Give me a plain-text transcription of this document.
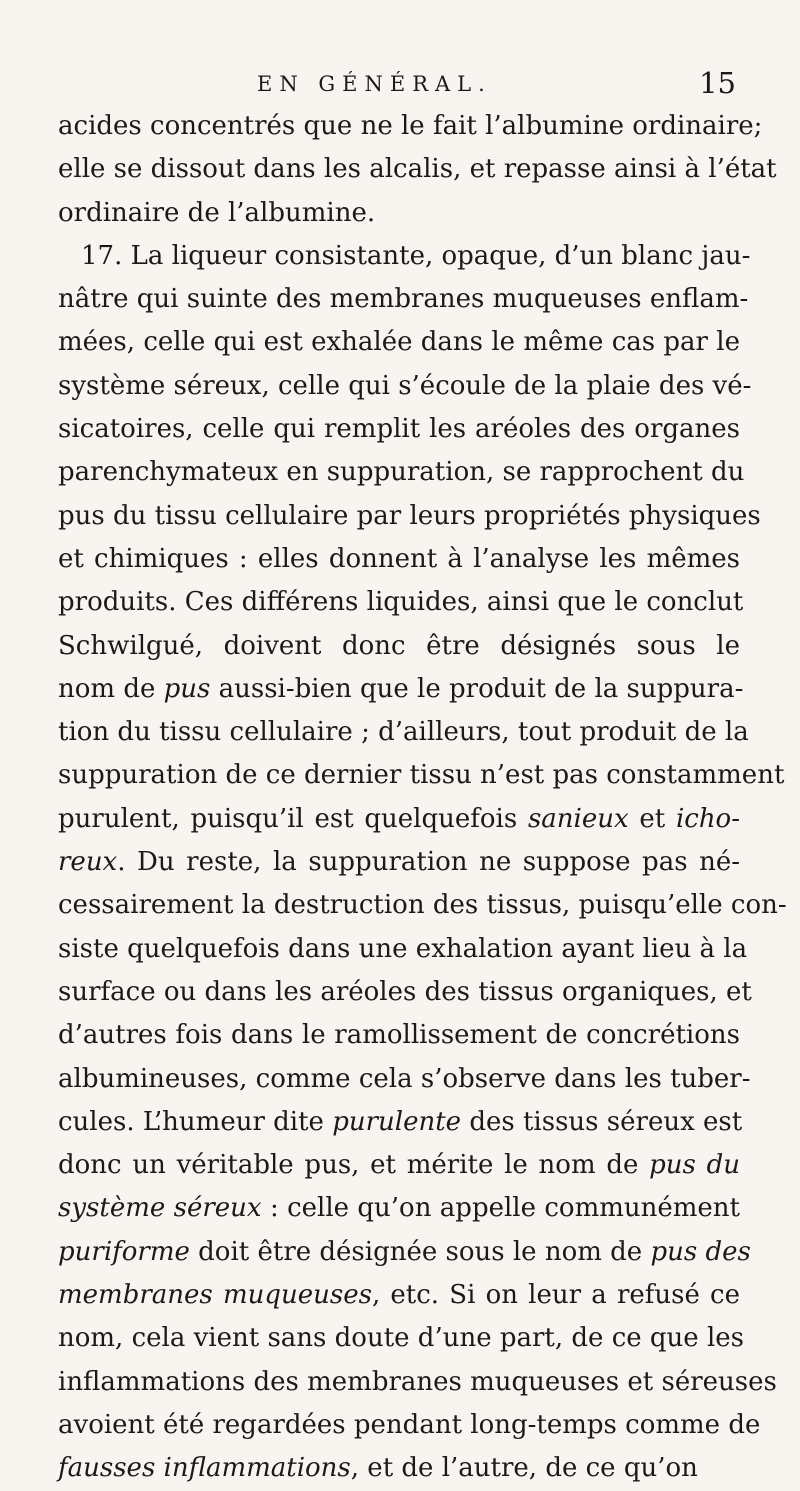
EN GÉNÉRAL.	15
acides concentrés que ne le fait l’albumine ordinaire;
elle se dissout dans les alcalis, et repasse ainsi à l’état
ordinaire de l’albumine.
17. La liqueur consistante, opaque, d’un blanc jau-
nâtre qui suinte des membranes muqueuses enflam-
mées, celle qui est exhalée dans le même cas par le
système séreux, celle qui s’écoule de la plaie des vé-
sicatoires, celle qui remplit les aréoles des organes
parenchymateux en suppuration, se rapprochent du
pus du tissu cellulaire par leurs propriétés physiques
et chimiques : elles donnent à l’analyse les mêmes
produits. Ces différens liquides, ainsi que le conclut
Schwilgué, doivent donc être désignés sous le
nom de pus aussi-bien que le produit de la suppura-
tion du tissu cellulaire ; d’ailleurs, tout produit de la
suppuration de ce dernier tissu n’est pas constamment
purulent, puisqu’il est quelquefois sanieux et icho-
reux. Du reste, la suppuration ne suppose pas né-
cessairement la destruction des tissus, puisqu’elle con-
siste quelquefois dans une exhalation ayant lieu à la
surface ou dans les aréoles des tissus organiques, et
d’autres fois dans le ramollissement de concrétions
albumineuses, comme cela s’observe dans les tuber-
cules. L’humeur dite purulente des tissus séreux est
donc un véritable pus, et mérite le nom de pus du
système séreux : celle qu’on appelle communément
puriforme doit être désignée sous le nom de pus des
membranes muqueuses, etc. Si on leur a refusé ce
nom, cela vient sans doute d’une part, de ce que les
inflammations des membranes muqueuses et séreuses
avoient été regardées pendant long-temps comme de
fausses inflammations, et de l’autre, de ce qu’on
